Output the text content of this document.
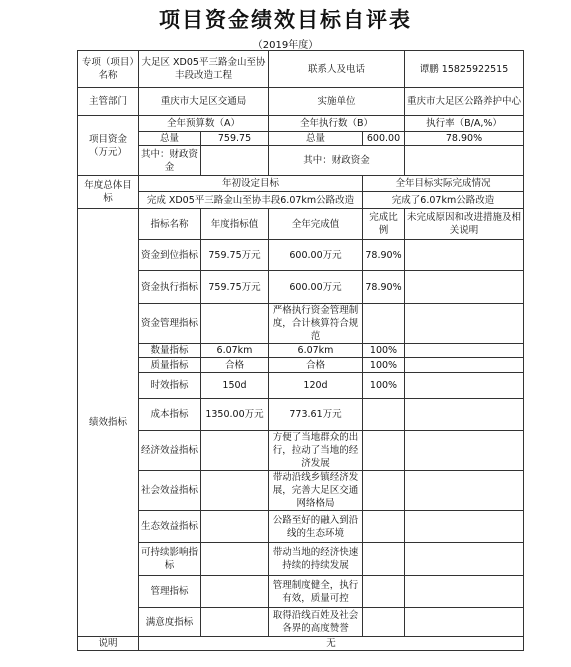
项目资金绩效目标自评表
（2019年度）
专项（项目）名称	大足区 XD05平三路金山至协丰段改造工程		联系人及电话		谭鹏 15825922515
主管部门	重庆市大足区交通局		实施单位		重庆市大足区公路养护中心
项目资金（万元）	全年预算数（A）		全年执行数（B）		执行率（B/A,%）
	总量	759.75	总量	600.00	78.90%
	其中：财政资金		其中：财政资金		
年度总体目标	年初设定目标			全年目标实际完成情况	
	完成 XD05平三路金山至协丰段6.07km公路改造			完成了6.07km公路改造	
绩效指标	指标名称	年度指标值	全年完成值	完成比例	未完成原因和改进措施及相关说明
	资金到位指标	759.75万元	600.00万元	78.90%	
	资金执行指标	759.75万元	600.00万元	78.90%	
	资金管理指标		严格执行资金管理制度，合计核算符合规范		
	数量指标	6.07km	6.07km	100%	
	质量指标	合格	合格	100%	
	时效指标	150d	120d	100%	
	成本指标	1350.00万元	773.61万元		
	经济效益指标		方便了当地群众的出行，拉动了当地的经济发展		
	社会效益指标		带动沿线乡镇经济发展，完善大足区交通网络格局		
	生态效益指标		公路至好的融入到沿线的生态环境		
	可持续影响指标		带动当地的经济快速持续的持续发展		
	管理指标		管理制度健全，执行有效，质量可控		
	满意度指标		取得沿线百姓及社会各界的高度赞誉		
说明	无				
